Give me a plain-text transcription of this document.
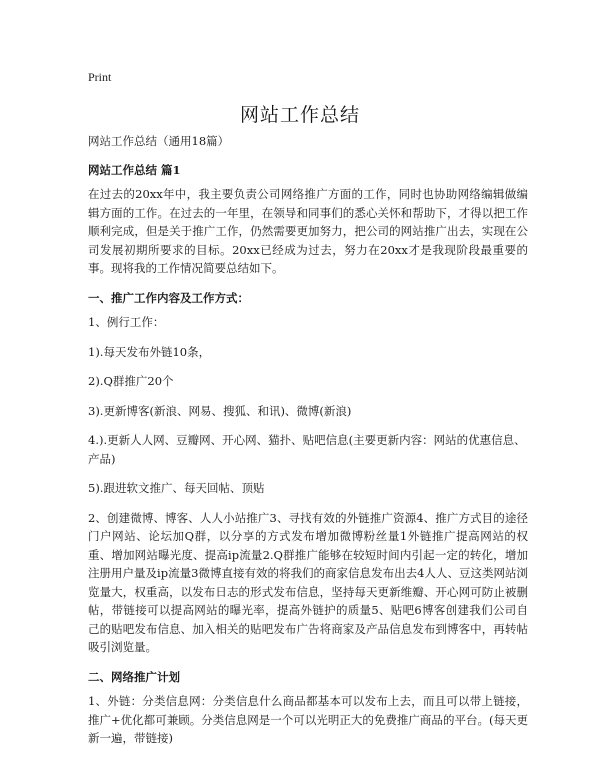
Print
网站工作总结

网站工作总结（通用18篇）

网站工作总结 篇1

在过去的20xx年中，我主要负责公司网络推广方面的工作，同时也协助网络编辑做编辑方面的工作。在过去的一年里，在领导和同事们的悉心关怀和帮助下，才得以把工作顺利完成，但是关于推广工作，仍然需要更加努力，把公司的网站推广出去，实现在公司发展初期所要求的目标。20xx已经成为过去，努力在20xx才是我现阶段最重要的事。现将我的工作情况简要总结如下。

一、推广工作内容及工作方式：

1、例行工作：

1).每天发布外链10条，

2).Q群推广20个

3).更新博客(新浪、网易、搜狐、和讯)、微博(新浪)

4.).更新人人网、豆瓣网、开心网、猫扑、贴吧信息(主要更新内容：网站的优惠信息、产品)

5).跟进软文推广、每天回帖、顶贴

2、创建微博、博客、人人小站推广3、寻找有效的外链推广资源4、推广方式目的途径门户网站、论坛加Q群，以分享的方式发布增加微博粉丝量1外链推广提高网站的权重、增加网站曝光度、提高ip流量2.Q群推广能够在较短时间内引起一定的转化，增加注册用户量及ip流量3微博直接有效的将我们的商家信息发布出去4人人、豆这类网站浏览量大，权重高，以发布日志的形式发布信息，坚持每天更新维瓣、开心网可防止被删帖，带链接可以提高网站的曝光率，提高外链护的质量5、贴吧6博客创建我们公司自己的贴吧发布信息、加入相关的贴吧发布广告将商家及产品信息发布到博客中，再转帖吸引浏览量。

二、网络推广计划

1、外链：分类信息网：分类信息什么商品都基本可以发布上去，而且可以带上链接，推广+优化都可兼顾。分类信息网是一个可以光明正大的免费推广商品的平台。(每天更新一遍，带链接)
